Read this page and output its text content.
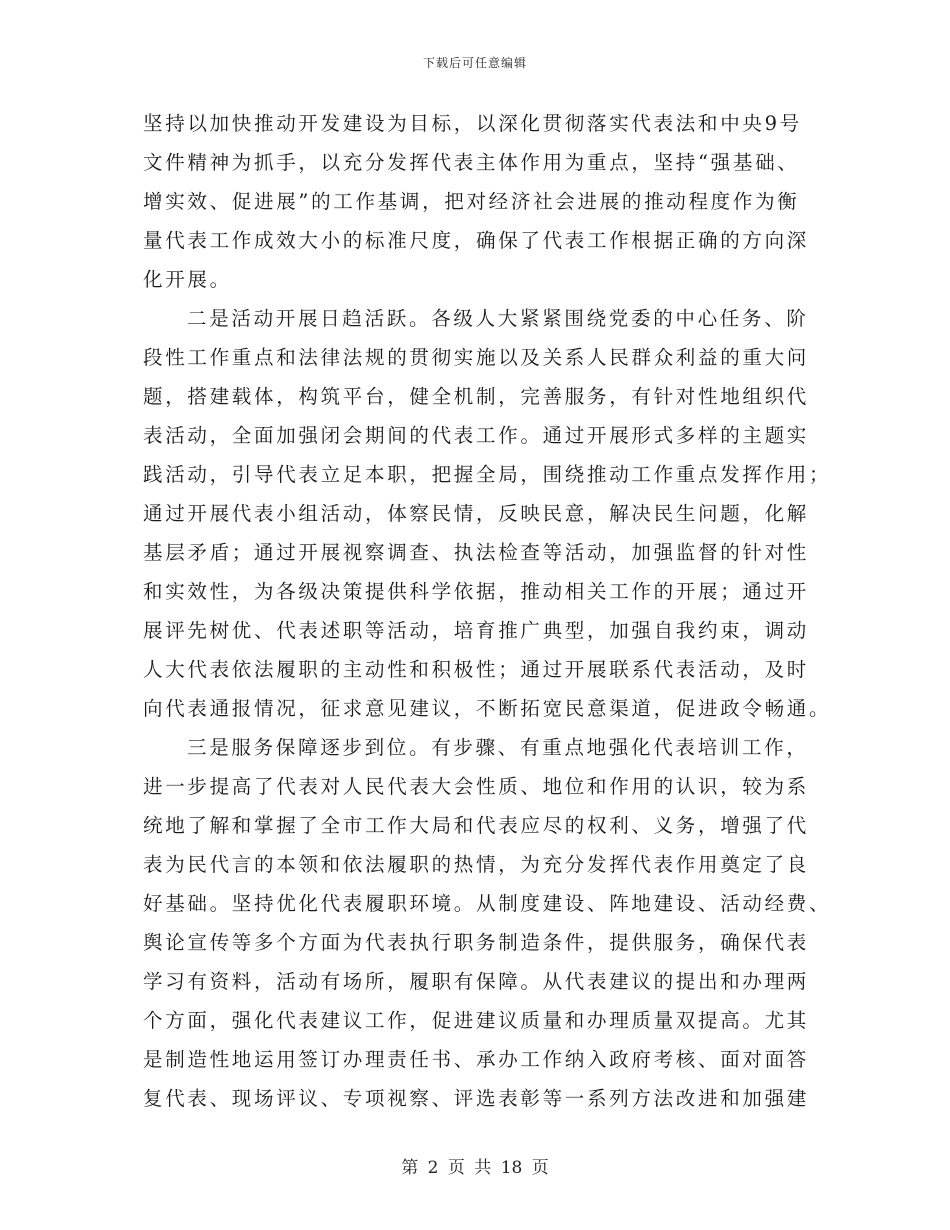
下载后可任意编辑
坚持以加快推动开发建设为目标，以深化贯彻落实代表法和中央9号
文件精神为抓手，以充分发挥代表主体作用为重点，坚持“强基础、
增实效、促进展”的工作基调，把对经济社会进展的推动程度作为衡
量代表工作成效大小的标准尺度，确保了代表工作根据正确的方向深
化开展。
二是活动开展日趋活跃。各级人大紧紧围绕党委的中心任务、阶
段性工作重点和法律法规的贯彻实施以及关系人民群众利益的重大问
题，搭建载体，构筑平台，健全机制，完善服务，有针对性地组织代
表活动，全面加强闭会期间的代表工作。通过开展形式多样的主题实
践活动，引导代表立足本职，把握全局，围绕推动工作重点发挥作用；
通过开展代表小组活动，体察民情，反映民意，解决民生问题，化解
基层矛盾；通过开展视察调查、执法检查等活动，加强监督的针对性
和实效性，为各级决策提供科学依据，推动相关工作的开展；通过开
展评先树优、代表述职等活动，培育推广典型，加强自我约束，调动
人大代表依法履职的主动性和积极性；通过开展联系代表活动，及时
向代表通报情况，征求意见建议，不断拓宽民意渠道，促进政令畅通。
三是服务保障逐步到位。有步骤、有重点地强化代表培训工作，
进一步提高了代表对人民代表大会性质、地位和作用的认识，较为系
统地了解和掌握了全市工作大局和代表应尽的权利、义务，增强了代
表为民代言的本领和依法履职的热情，为充分发挥代表作用奠定了良
好基础。坚持优化代表履职环境。从制度建设、阵地建设、活动经费、
舆论宣传等多个方面为代表执行职务制造条件，提供服务，确保代表
学习有资料，活动有场所，履职有保障。从代表建议的提出和办理两
个方面，强化代表建议工作，促进建议质量和办理质量双提高。尤其
是制造性地运用签订办理责任书、承办工作纳入政府考核、面对面答
复代表、现场评议、专项视察、评选表彰等一系列方法改进和加强建
第 2 页 共 18 页
